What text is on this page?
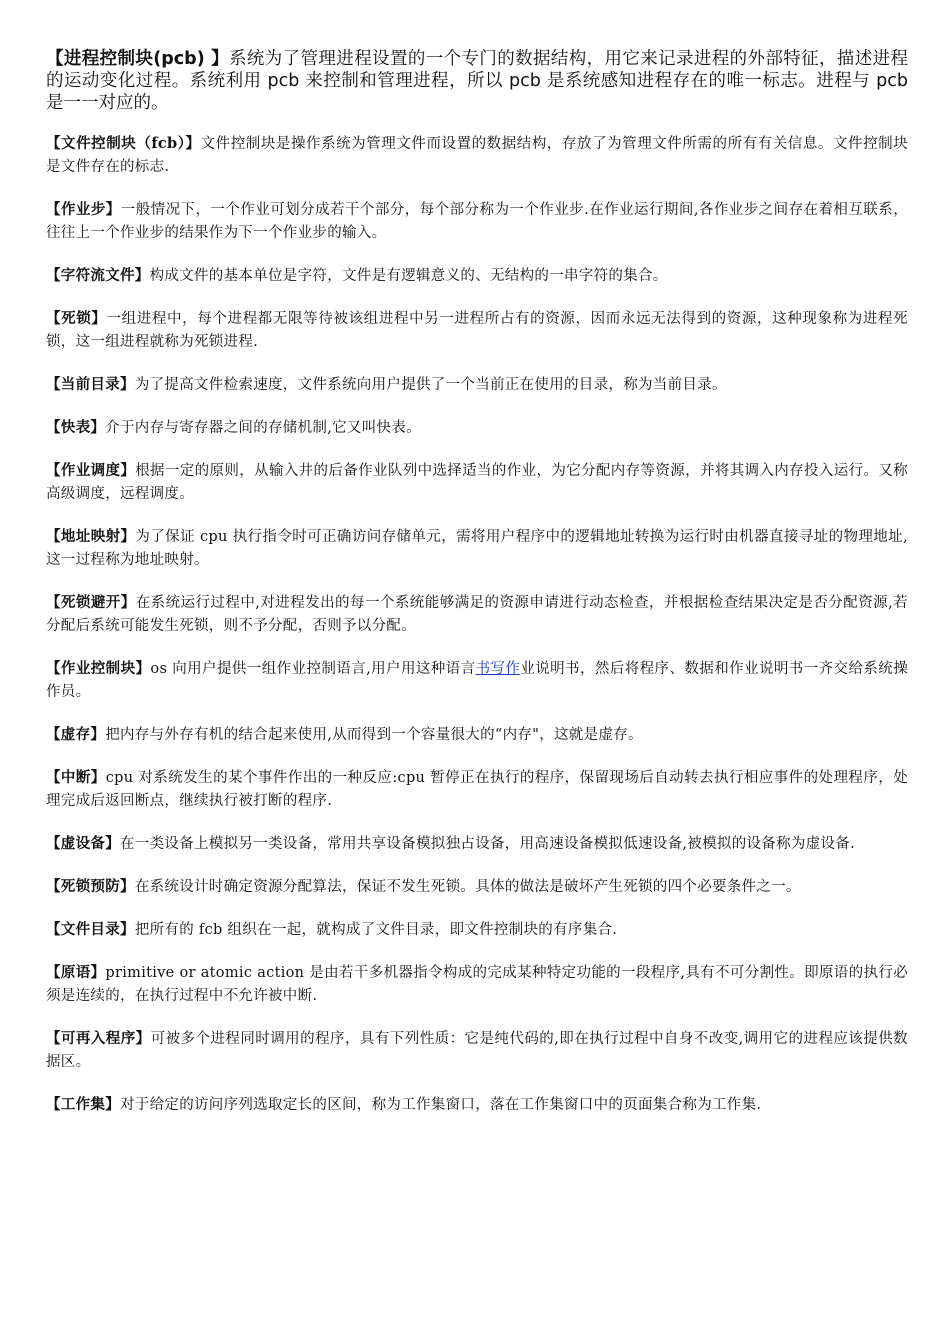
【进程控制块(pcb) 】系统为了管理进程设置的一个专门的数据结构，用它来记录进程的外部特征，描述进程的运动变化过程。系统利用 pcb 来控制和管理进程，所以 pcb 是系统感知进程存在的唯一标志。进程与 pcb 是一一对应的。

【文件控制块（fcb）】文件控制块是操作系统为管理文件而设置的数据结构，存放了为管理文件所需的所有有关信息。文件控制块是文件存在的标志.

【作业步】一般情况下，一个作业可划分成若干个部分，每个部分称为一个作业步.在作业运行期间,各作业步之间存在着相互联系，往往上一个作业步的结果作为下一个作业步的输入。

【字符流文件】构成文件的基本单位是字符，文件是有逻辑意义的、无结构的一串字符的集合。

【死锁】一组进程中，每个进程都无限等待被该组进程中另一进程所占有的资源，因而永远无法得到的资源，这种现象称为进程死锁，这一组进程就称为死锁进程.

【当前目录】为了提高文件检索速度，文件系统向用户提供了一个当前正在使用的目录，称为当前目录。

【快表】介于内存与寄存器之间的存储机制,它又叫快表。

【作业调度】根据一定的原则，从输入井的后备作业队列中选择适当的作业，为它分配内存等资源，并将其调入内存投入运行。又称高级调度，远程调度。

【地址映射】为了保证 cpu 执行指令时可正确访问存储单元，需将用户程序中的逻辑地址转换为运行时由机器直接寻址的物理地址,这一过程称为地址映射。

【死锁避开】在系统运行过程中,对进程发出的每一个系统能够满足的资源申请进行动态检查，并根据检查结果决定是否分配资源,若分配后系统可能发生死锁，则不予分配，否则予以分配。

【作业控制块】os 向用户提供一组作业控制语言,用户用这种语言书写作业说明书，然后将程序、数据和作业说明书一齐交给系统操作员。

【虚存】把内存与外存有机的结合起来使用,从而得到一个容量很大的“内存"，这就是虚存。

【中断】cpu 对系统发生的某个事件作出的一种反应:cpu 暂停正在执行的程序，保留现场后自动转去执行相应事件的处理程序，处理完成后返回断点，继续执行被打断的程序.

【虚设备】在一类设备上模拟另一类设备，常用共享设备模拟独占设备，用高速设备模拟低速设备,被模拟的设备称为虚设备.

【死锁预防】在系统设计时确定资源分配算法，保证不发生死锁。具体的做法是破坏产生死锁的四个必要条件之一。

【文件目录】把所有的 fcb 组织在一起，就构成了文件目录，即文件控制块的有序集合.

【原语】primitive or atomic action 是由若干多机器指令构成的完成某种特定功能的一段程序,具有不可分割性。即原语的执行必须是连续的，在执行过程中不允许被中断.

【可再入程序】可被多个进程同时调用的程序，具有下列性质：它是纯代码的,即在执行过程中自身不改变,调用它的进程应该提供数据区。

【工作集】对于给定的访问序列选取定长的区间，称为工作集窗口，落在工作集窗口中的页面集合称为工作集.
